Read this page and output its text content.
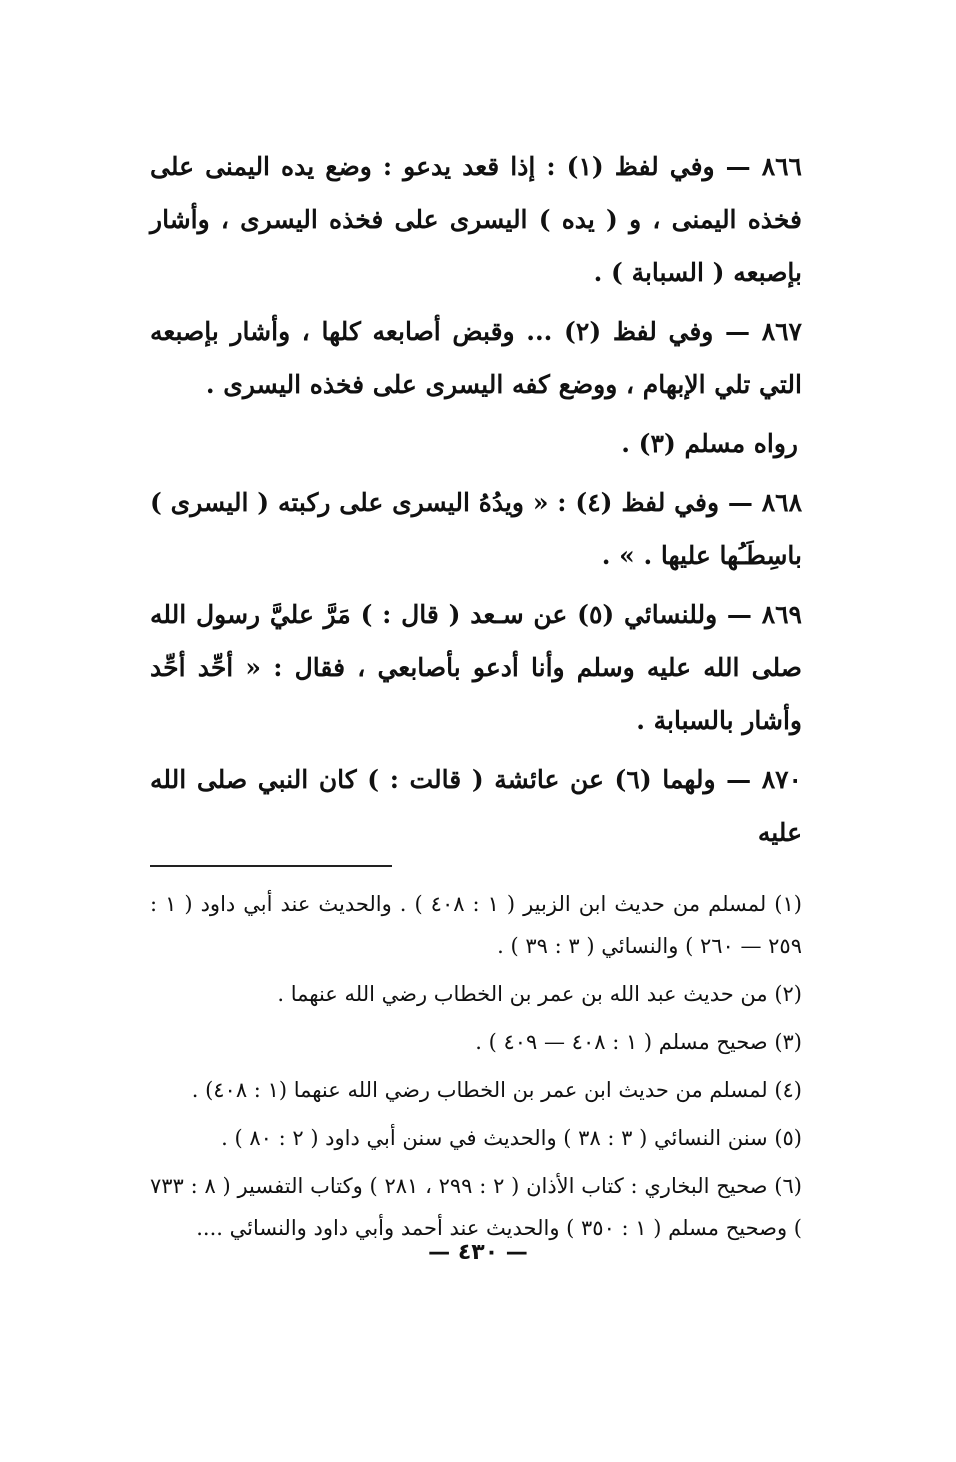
٨٦٦ — وفي لفظ (١) : إذا قعد يدعو : وضع يده اليمنى على فخذه اليمنى ، و ( يده ) اليسرى على فخذه اليسرى ، وأشار بإصبعه ( السبابة ) .

٨٦٧ — وفي لفظ (٢) ... وقبض أصابعه كلها ، وأشار بإصبعه التي تلي الإبهام ، ووضع كفه اليسرى على فخذه اليسرى .

رواه مسلم (٣) .

٨٦٨ — وفي لفظ (٤) : « ويدُهُ اليسرى على ركبته ( اليسرى ) باسِطَـُها عليها . » .

٨٦٩ — وللنسائي (٥) عن سـعد ( قال : ) مَرَّ عليَّ رسول الله صلى الله عليه وسلم وأنا أدعو بأصابعي ، فقال : « أحِّد أحِّد وأشار بالسبابة .

٨٧٠ — ولهما (٦) عن عائشة ( قالت : ) كان النبي صلى الله عليه

(١) لمسلم من حديث ابن الزبير ( ١ : ٤٠٨ ) . والحديث عند أبي داود ( ١ : ٢٥٩ — ٢٦٠ ) والنسائي ( ٣ : ٣٩ ) .

(٢) من حديث عبد الله بن عمر بن الخطاب رضي الله عنهما .

(٣) صحيح مسلم ( ١ : ٤٠٨ — ٤٠٩ ) .

(٤) لمسلم من حديث ابن عمر بن الخطاب رضي الله عنهما (١ : ٤٠٨) .

(٥) سنن النسائي ( ٣ : ٣٨ ) والحديث في سنن أبي داود ( ٢ : ٨٠ ) .

(٦) صحيح البخاري : كتاب الأذان ( ٢ : ٢٩٩ ، ٢٨١ ) وكتاب التفسير ( ٨ : ٧٣٣ ) وصحيح مسلم ( ١ : ٣٥٠ ) والحديث عند أحمد وأبي داود والنسائي ....

— ٤٣٠ —
